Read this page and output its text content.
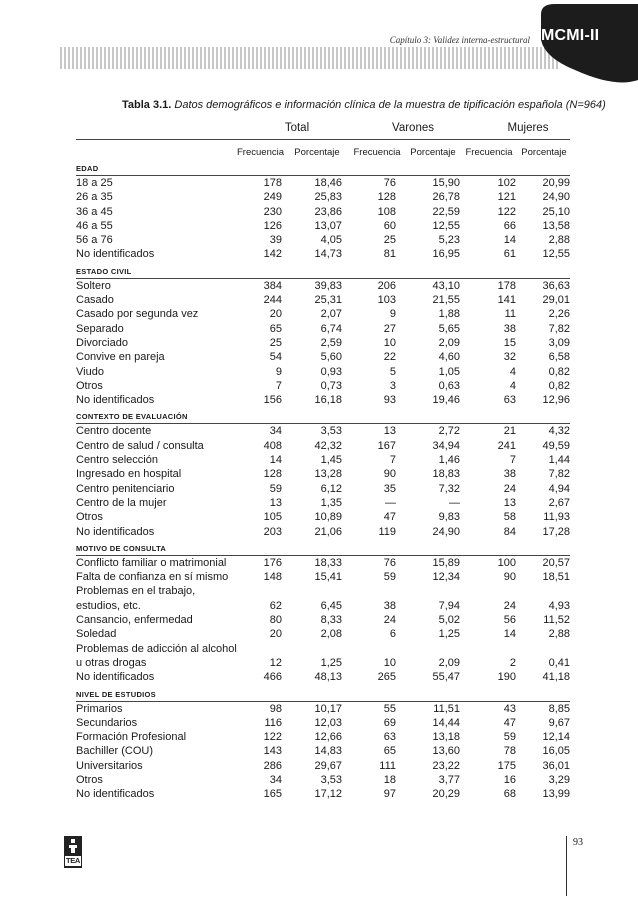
Capítulo 3: Validez interna-estructural MCMI-II
Tabla 3.1. Datos demográficos e información clínica de la muestra de tipificación española (N=964)
Total	Varones	Mujeres
Frecuencia	Porcentaje	Frecuencia	Porcentaje	Frecuencia Porcentaje
EDAD
18 a 25	178	18,46	76	15,90	102	20,99
26 a 35	249	25,83	128	26,78	121	24,90
36 a 45	230	23,86	108	22,59	122	25,10
46 a 55	126	13,07	60	12,55	66	13,58
56 a 76	39	4,05	25	5,23	14	2,88
No identificados	142	14,73	81	16,95	61	12,55
ESTADO CIVIL
Soltero	384	39,83	206	43,10	178	36,63
Casado	244	25,31	103	21,55	141	29,01
Casado por segunda vez	20	2,07	9	1,88	11	2,26
Separado	65	6,74	27	5,65	38	7,82
Divorciado	25	2,59	10	2,09	15	3,09
Convive en pareja	54	5,60	22	4,60	32	6,58
Viudo	9	0,93	5	1,05	4	0,82
Otros	7	0,73	3	0,63	4	0,82
No identificados	156	16,18	93	19,46	63	12,96
CONTEXTO DE EVALUACIÓN
Centro docente	34	3,53	13	2,72	21	4,32
Centro de salud / consulta	408	42,32	167	34,94	241	49,59
Centro selección	14	1,45	7	1,46	7	1,44
Ingresado en hospital	128	13,28	90	18,83	38	7,82
Centro penitenciario	59	6,12	35	7,32	24	4,94
Centro de la mujer	13	1,35	—	—	13	2,67
Otros	105	10,89	47	9,83	58	11,93
No identificados	203	21,06	119	24,90	84	17,28
MOTIVO DE CONSULTA
Conflicto familiar o matrimonial	176	18,33	76	15,89	100	20,57
Falta de confianza en sí mismo	148	15,41	59	12,34	90	18,51
Problemas en el trabajo,
estudios, etc.	62	6,45	38	7,94	24	4,93
Cansancio, enfermedad	80	8,33	24	5,02	56	11,52
Soledad	20	2,08	6	1,25	14	2,88
Problemas de adicción al alcohol
u otras drogas	12	1,25	10	2,09	2	0,41
No identificados	466	48,13	265	55,47	190	41,18
NIVEL DE ESTUDIOS
Primarios	98	10,17	55	11,51	43	8,85
Secundarios	116	12,03	69	14,44	47	9,67
Formación Profesional	122	12,66	63	13,18	59	12,14
Bachiller (COU)	143	14,83	65	13,60	78	16,05
Universitarios	286	29,67	111	23,22	175	36,01
Otros	34	3,53	18	3,77	16	3,29
No identificados	165	17,12	97	20,29	68	13,99
TEA
93
